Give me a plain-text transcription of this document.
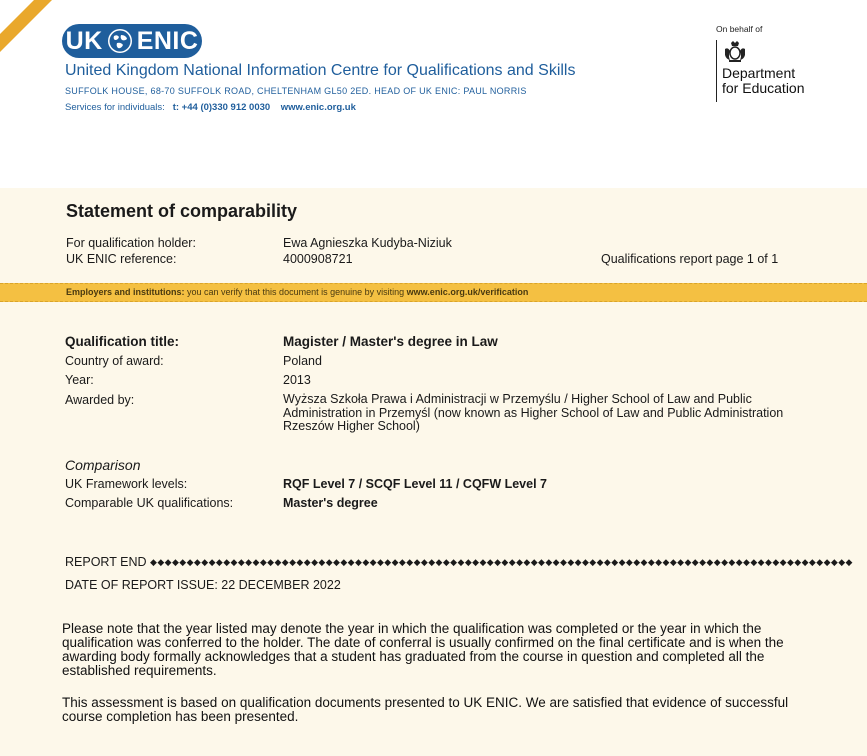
UK ENIC
United Kingdom National Information Centre for Qualifications and Skills
SUFFOLK HOUSE, 68-70 SUFFOLK ROAD, CHELTENHAM GL50 2ED. HEAD OF UK ENIC: PAUL NORRIS
Services for individuals: t: +44 (0)330 912 0030 www.enic.org.uk
On behalf of
Department
for Education
Statement of comparability
For qualification holder:	Ewa Agnieszka Kudyba-Niziuk
UK ENIC reference:	4000908721	Qualifications report page 1 of 1
Employers and institutions: you can verify that this document is genuine by visiting www.enic.org.uk/verification
Qualification title:	Magister / Master's degree in Law
Country of award:	Poland
Year:	2013
Awarded by:	Wyższa Szkoła Prawa i Administracji w Przemyślu / Higher School of Law and Public Administration in Przemyśl (now known as Higher School of Law and Public Administration Rzeszów Higher School)
Comparison
UK Framework levels:	RQF Level 7 / SCQF Level 11 / CQFW Level 7
Comparable UK qualifications:	Master's degree
REPORT END ◆◆◆◆◆◆◆◆◆◆◆◆◆◆◆◆◆◆◆◆◆◆◆◆◆◆◆◆◆◆◆◆◆◆◆◆◆◆◆◆◆◆◆◆◆◆◆◆◆◆◆◆◆◆◆◆◆◆◆◆◆◆◆◆◆◆◆◆◆◆◆◆◆◆◆◆◆◆◆◆◆◆◆◆◆◆◆◆◆◆◆◆◆◆◆◆
DATE OF REPORT ISSUE: 22 DECEMBER 2022
Please note that the year listed may denote the year in which the qualification was completed or the year in which the qualification was conferred to the holder. The date of conferral is usually confirmed on the final certificate and is when the awarding body formally acknowledges that a student has graduated from the course in question and completed all the established requirements.
This assessment is based on qualification documents presented to UK ENIC. We are satisfied that evidence of successful course completion has been presented.
